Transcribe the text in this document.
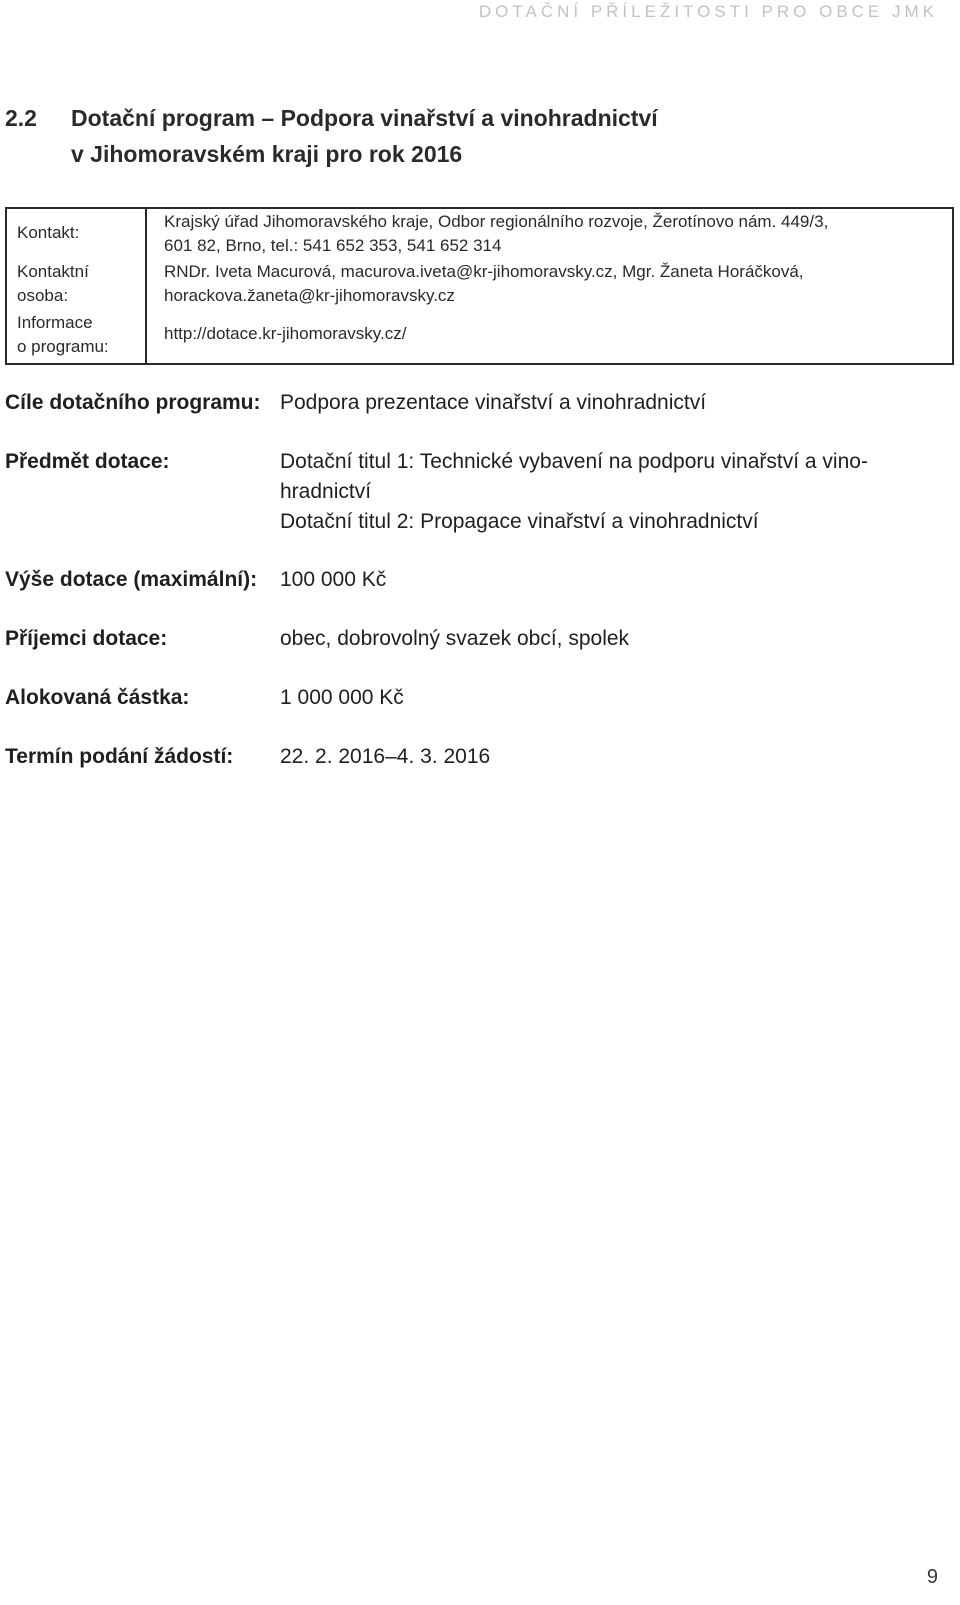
DOTAČNÍ PŘÍLEŽITOSTI PRO OBCE JMK
2.2	Dotační program – Podpora vinařství a vinohradnictví
v Jihomoravském kraji pro rok 2016
Kontakt:
Krajský úřad Jihomoravského kraje, Odbor regionálního rozvoje, Žerotínovo nám. 449/3,
601 82, Brno, tel.: 541 652 353, 541 652 314
Kontaktní
osoba:
RNDr. Iveta Macurová, macurova.iveta@kr-jihomoravsky.cz, Mgr. Žaneta Horáčková,
horackova.žaneta@kr-jihomoravsky.cz
Informace
o programu:
http://dotace.kr-jihomoravsky.cz/
Cíle dotačního programu: Podpora prezentace vinařství a vinohradnictví
Předmět dotace:	Dotační titul 1: Technické vybavení na podporu vinařství a vino-
hradnictví
Dotační titul 2: Propagace vinařství a vinohradnictví
Výše dotace (maximální): 100 000 Kč
Příjemci dotace:	obec, dobrovolný svazek obcí, spolek
Alokovaná částka:	1 000 000 Kč
Termín podání žádostí: 22. 2. 2016–4. 3. 2016
9
